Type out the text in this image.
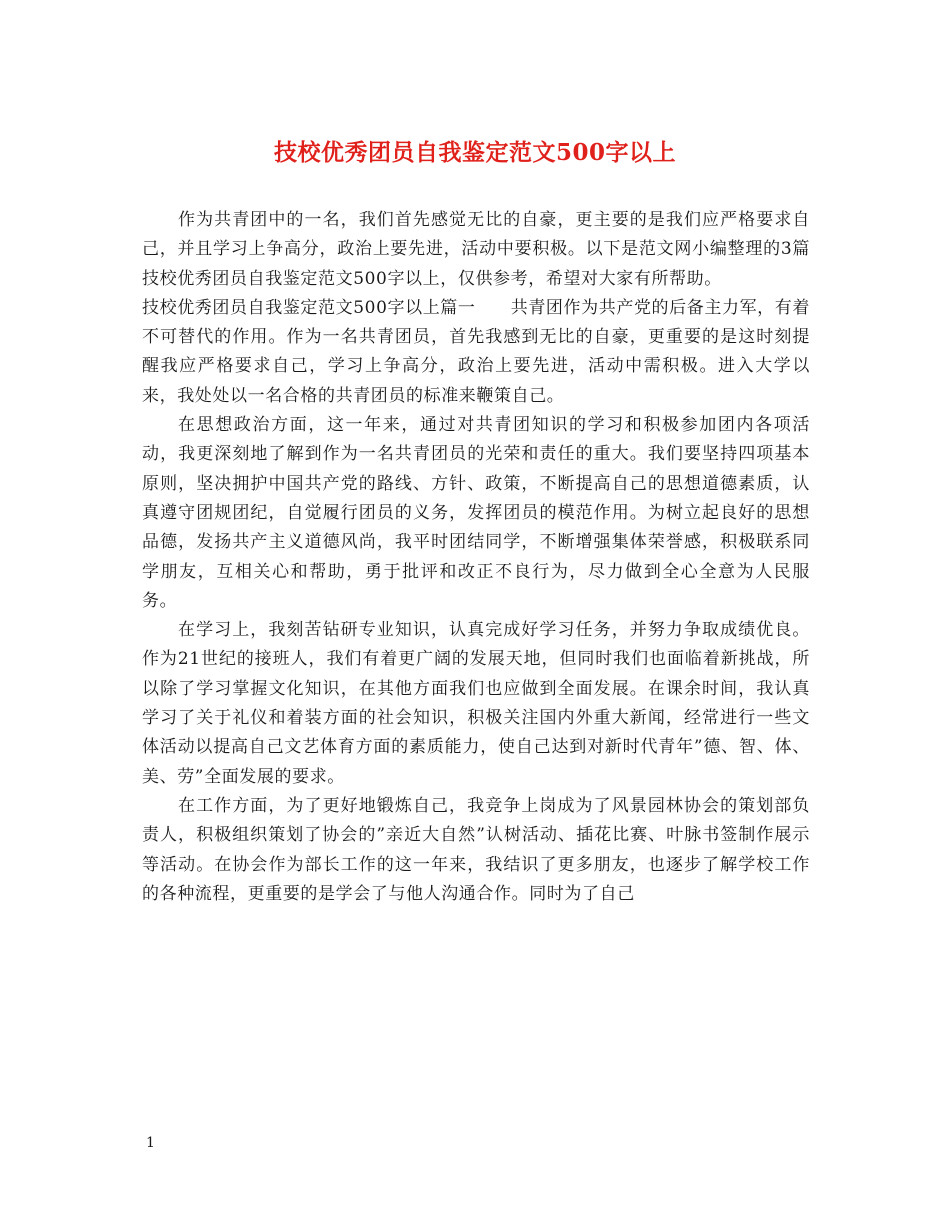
技校优秀团员自我鉴定范文500字以上

作为共青团中的一名，我们首先感觉无比的自豪，更主要的是我们应严格要求自己，并且学习上争高分，政治上要先进，活动中要积极。以下是范文网小编整理的3篇技校优秀团员自我鉴定范文500字以上，仅供参考，希望对大家有所帮助。

技校优秀团员自我鉴定范文500字以上篇一　　共青团作为共产党的后备主力军，有着不可替代的作用。作为一名共青团员，首先我感到无比的自豪，更重要的是这时刻提醒我应严格要求自己，学习上争高分，政治上要先进，活动中需积极。进入大学以来，我处处以一名合格的共青团员的标准来鞭策自己。

在思想政治方面，这一年来，通过对共青团知识的学习和积极参加团内各项活动，我更深刻地了解到作为一名共青团员的光荣和责任的重大。我们要坚持四项基本原则，坚决拥护中国共产党的路线、方针、政策，不断提高自己的思想道德素质，认真遵守团规团纪，自觉履行团员的义务，发挥团员的模范作用。为树立起良好的思想品德，发扬共产主义道德风尚，我平时团结同学，不断增强集体荣誉感，积极联系同学朋友，互相关心和帮助，勇于批评和改正不良行为，尽力做到全心全意为人民服务。

在学习上，我刻苦钻研专业知识，认真完成好学习任务，并努力争取成绩优良。作为21世纪的接班人，我们有着更广阔的发展天地，但同时我们也面临着新挑战，所以除了学习掌握文化知识，在其他方面我们也应做到全面发展。在课余时间，我认真学习了关于礼仪和着装方面的社会知识，积极关注国内外重大新闻，经常进行一些文体活动以提高自己文艺体育方面的素质能力，使自己达到对新时代青年”德、智、体、美、劳”全面发展的要求。

在工作方面，为了更好地锻炼自己，我竞争上岗成为了风景园林协会的策划部负责人，积极组织策划了协会的”亲近大自然”认树活动、插花比赛、叶脉书签制作展示等活动。在协会作为部长工作的这一年来，我结识了更多朋友，也逐步了解学校工作的各种流程，更重要的是学会了与他人沟通合作。同时为了自己

1
